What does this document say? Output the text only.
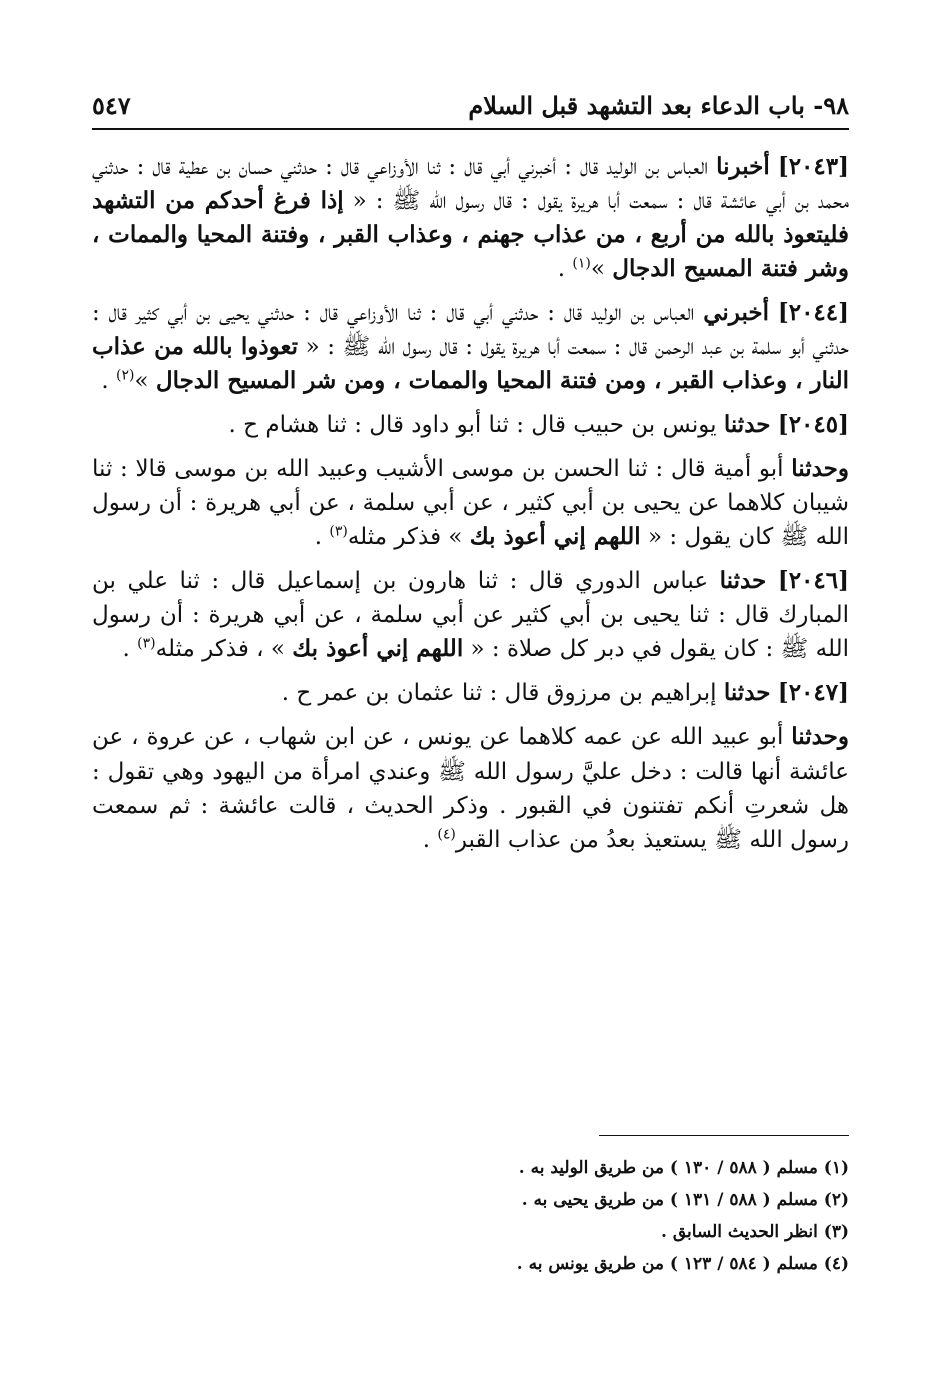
٩٨- باب الدعاء بعد التشهد قبل السلام
٥٤٧

[٢٠٤٣] أخبرنا العباس بن الوليد قال : أخبرني أبي قال : ثنا الأوزاعي قال : حدثني حسان بن عطية قال : حدثني محمد بن أبي عائشة قال : سمعت أبا هريرة يقول : قال رسول الله ﷺ : « إذا فرغ أحدكم من التشهد فليتعوذ بالله من أربع ، من عذاب جهنم ، وعذاب القبر ، وفتنة المحيا والممات ، وشر فتنة المسيح الدجال »$^{(١)}$ .

[٢٠٤٤] أخبرني العباس بن الوليد قال : حدثني أبي قال : ثنا الأوزاعي قال : حدثني يحيى بن أبي كثير قال : حدثني أبو سلمة بن عبد الرحمن قال : سمعت أبا هريرة يقول : قال رسول الله ﷺ : « تعوذوا بالله من عذاب النار ، وعذاب القبر ، ومن فتنة المحيا والممات ، ومن شر المسيح الدجال »$^{(٢)}$ .

[٢٠٤٥] حدثنا يونس بن حبيب قال : ثنا أبو داود قال : ثنا هشام ح .

وحدثنا أبو أمية قال : ثنا الحسن بن موسى الأشيب وعبيد الله بن موسى قالا : ثنا شيبان كلاهما عن يحيى بن أبي كثير ، عن أبي سلمة ، عن أبي هريرة : أن رسول الله ﷺ كان يقول : « اللهم إني أعوذ بك » فذكر مثله$^{(٣)}$ .

[٢٠٤٦] حدثنا عباس الدوري قال : ثنا هارون بن إسماعيل قال : ثنا علي بن المبارك قال : ثنا يحيى بن أبي كثير عن أبي سلمة ، عن أبي هريرة : أن رسول الله ﷺ : كان يقول في دبر كل صلاة : « اللهم إني أعوذ بك » ، فذكر مثله$^{(٣)}$ .

[٢٠٤٧] حدثنا إبراهيم بن مرزوق قال : ثنا عثمان بن عمر ح .

وحدثنا أبو عبيد الله عن عمه كلاهما عن يونس ، عن ابن شهاب ، عن عروة ، عن عائشة أنها قالت : دخل عليَّ رسول الله ﷺ وعندي امرأة من اليهود وهي تقول : هل شعرتِ أنكم تفتنون في القبور . وذكر الحديث ، قالت عائشة : ثم سمعت رسول الله ﷺ يستعيذ بعدُ من عذاب القبر$^{(٤)}$ .

(١) مسلم ( ٥٨٨ / ١٣٠ ) من طريق الوليد به .
(٢) مسلم ( ٥٨٨ / ١٣١ ) من طريق يحيى به .
(٣) انظر الحديث السابق .
(٤) مسلم ( ٥٨٤ / ١٢٣ ) من طريق يونس به .
